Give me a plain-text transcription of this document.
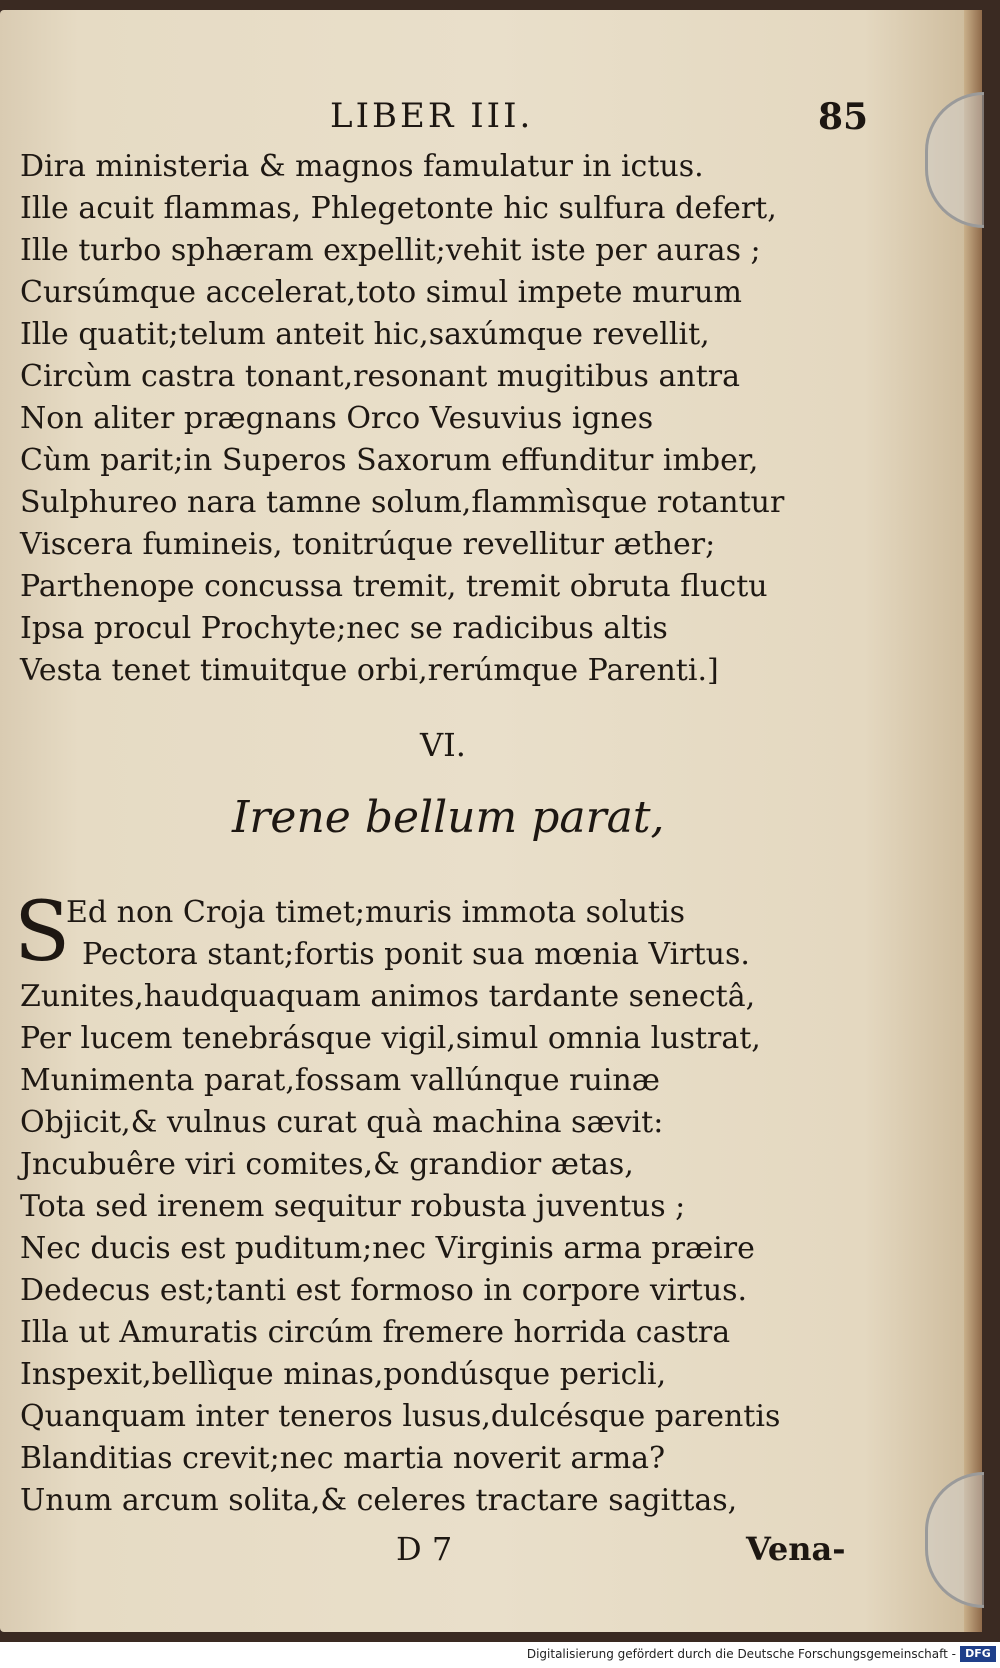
LIBER III.	85
Dira ministeria & magnos famulatur in ictus.
Ille acuit flammas, Phlegetonte hic sulfura defert,
Ille turbo sphæram expellit;vehit iste per auras ;
Cursúmque accelerat,toto simul impete murum
Ille quatit;telum anteit hic,saxúmque revellit,
Circùm castra tonant,resonant mugitibus antra
Non aliter prægnans Orco Vesuvius ignes
Cùm parit;in Superos Saxorum effunditur imber,
Sulphureo nara tamne solum,flammìsque rotantur
Viscera fumineis, tonitrúque revellitur æther;
Parthenope concussa tremit, tremit obruta fluctu
Ipsa procul Prochyte;nec se radicibus altis
Vesta tenet timuitque orbi,rerúmque Parenti.]
VI.
Irene bellum parat,
S
Ed non Croja timet;muris immota solutis
Pectora stant;fortis ponit sua mœnia Virtus.
Zunites,haudquaquam animos tardante senectâ,
Per lucem tenebrásque vigil,simul omnia lustrat,
Munimenta parat,fossam vallúnque ruinæ
Objicit,& vulnus curat quà machina sævit:
Jncubuêre viri comites,& grandior ætas,
Tota sed irenem sequitur robusta juventus ;
Nec ducis est puditum;nec Virginis arma præire
Dedecus est;tanti est formoso in corpore virtus.
Illa ut Amuratis circúm fremere horrida castra
Inspexit,bellìque minas,pondúsque pericli,
Quanquam inter teneros lusus,dulcésque parentis
Blanditias crevit;nec martia noverit arma?
Unum arcum solita,& celeres tractare sagittas,
D 7	Vena-
Digitalisierung gefördert durch die Deutsche Forschungsgemeinschaft - DFG
